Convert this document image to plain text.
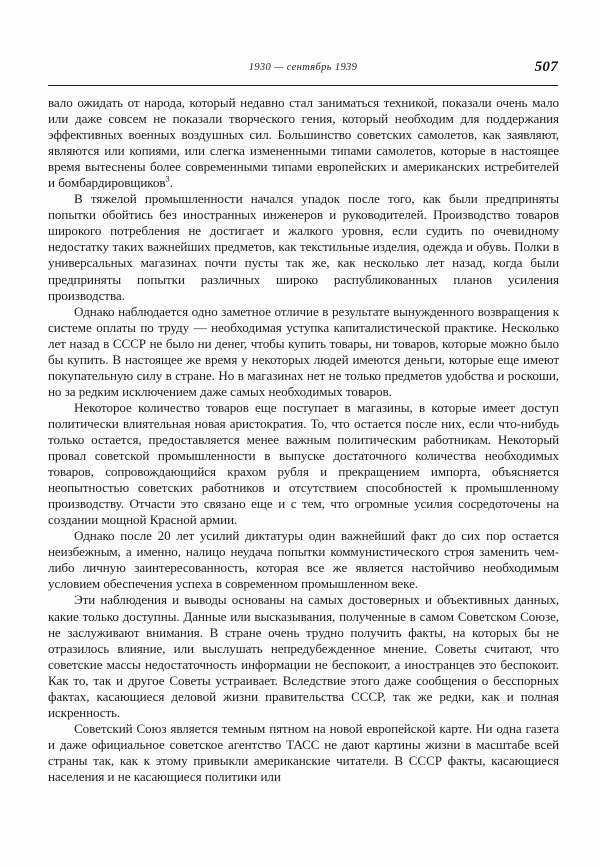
1930 — сентябрь 1939	507

вало ожидать от народа, который недавно стал заниматься техникой, показали очень мало или даже совсем не показали творческого гения, который необходим для поддержания эффективных военных воздушных сил. Большинство советских самолетов, как заявляют, являются или копиями, или слегка измененными типами самолетов, которые в настоящее время вытеснены более современными типами европейских и американских истребителей и бомбардировщиков$^3$.

В тяжелой промышленности начался упадок после того, как были предприняты попытки обойтись без иностранных инженеров и руководителей. Производство товаров широкого потребления не достигает и жалкого уровня, если судить по очевидному недостатку таких важнейших предметов, как текстильные изделия, одежда и обувь. Полки в универсальных магазинах почти пусты так же, как несколько лет назад, когда были предприняты попытки различных широко распубликованных планов усиления производства.

Однако наблюдается одно заметное отличие в результате вынужденного возвращения к системе оплаты по труду — необходимая уступка капиталистической практике. Несколько лет назад в СССР не было ни денег, чтобы купить товары, ни товаров, которые можно было бы купить. В настоящее же время у некоторых людей имеются деньги, которые еще имеют покупательную силу в стране. Но в магазинах нет не только предметов удобства и роскоши, но за редким исключением даже самых необходимых товаров.

Некоторое количество товаров еще поступает в магазины, в которые имеет доступ политически влиятельная новая аристократия. То, что остается после них, если что-нибудь только остается, предоставляется менее важным политическим работникам. Некоторый провал советской промышленности в выпуске достаточного количества необходимых товаров, сопровождающийся крахом рубля и прекращением импорта, объясняется неопытностью советских работников и отсутствием способностей к промышленному производству. Отчасти это связано еще и с тем, что огромные усилия сосредоточены на создании мощной Красной армии.

Однако после 20 лет усилий диктатуры один важнейший факт до сих пор остается неизбежным, а именно, налицо неудача попытки коммунистического строя заменить чем-либо личную заинтересованность, которая все же является настойчиво необходимым условием обеспечения успеха в современном промышленном веке.

Эти наблюдения и выводы основаны на самых достоверных и объективных данных, какие только доступны. Данные или высказывания, полученные в самом Советском Союзе, не заслуживают внимания. В стране очень трудно получить факты, на которых бы не отразилось влияние, или выслушать непредубежденное мнение. Советы считают, что советские массы недостаточность информации не беспокоит, а иностранцев это беспокоит. Как то, так и другое Советы устраивает. Вследствие этого даже сообщения о бесспорных фактах, касающиеся деловой жизни правительства СССР, так же редки, как и полная искренность.

Советский Союз является темным пятном на новой европейской карте. Ни одна газета и даже официальное советское агентство ТАСС не дают картины жизни в масштабе всей страны так, как к этому привыкли американские читатели. В СССР факты, касающиеся населения и не касающиеся политики или
